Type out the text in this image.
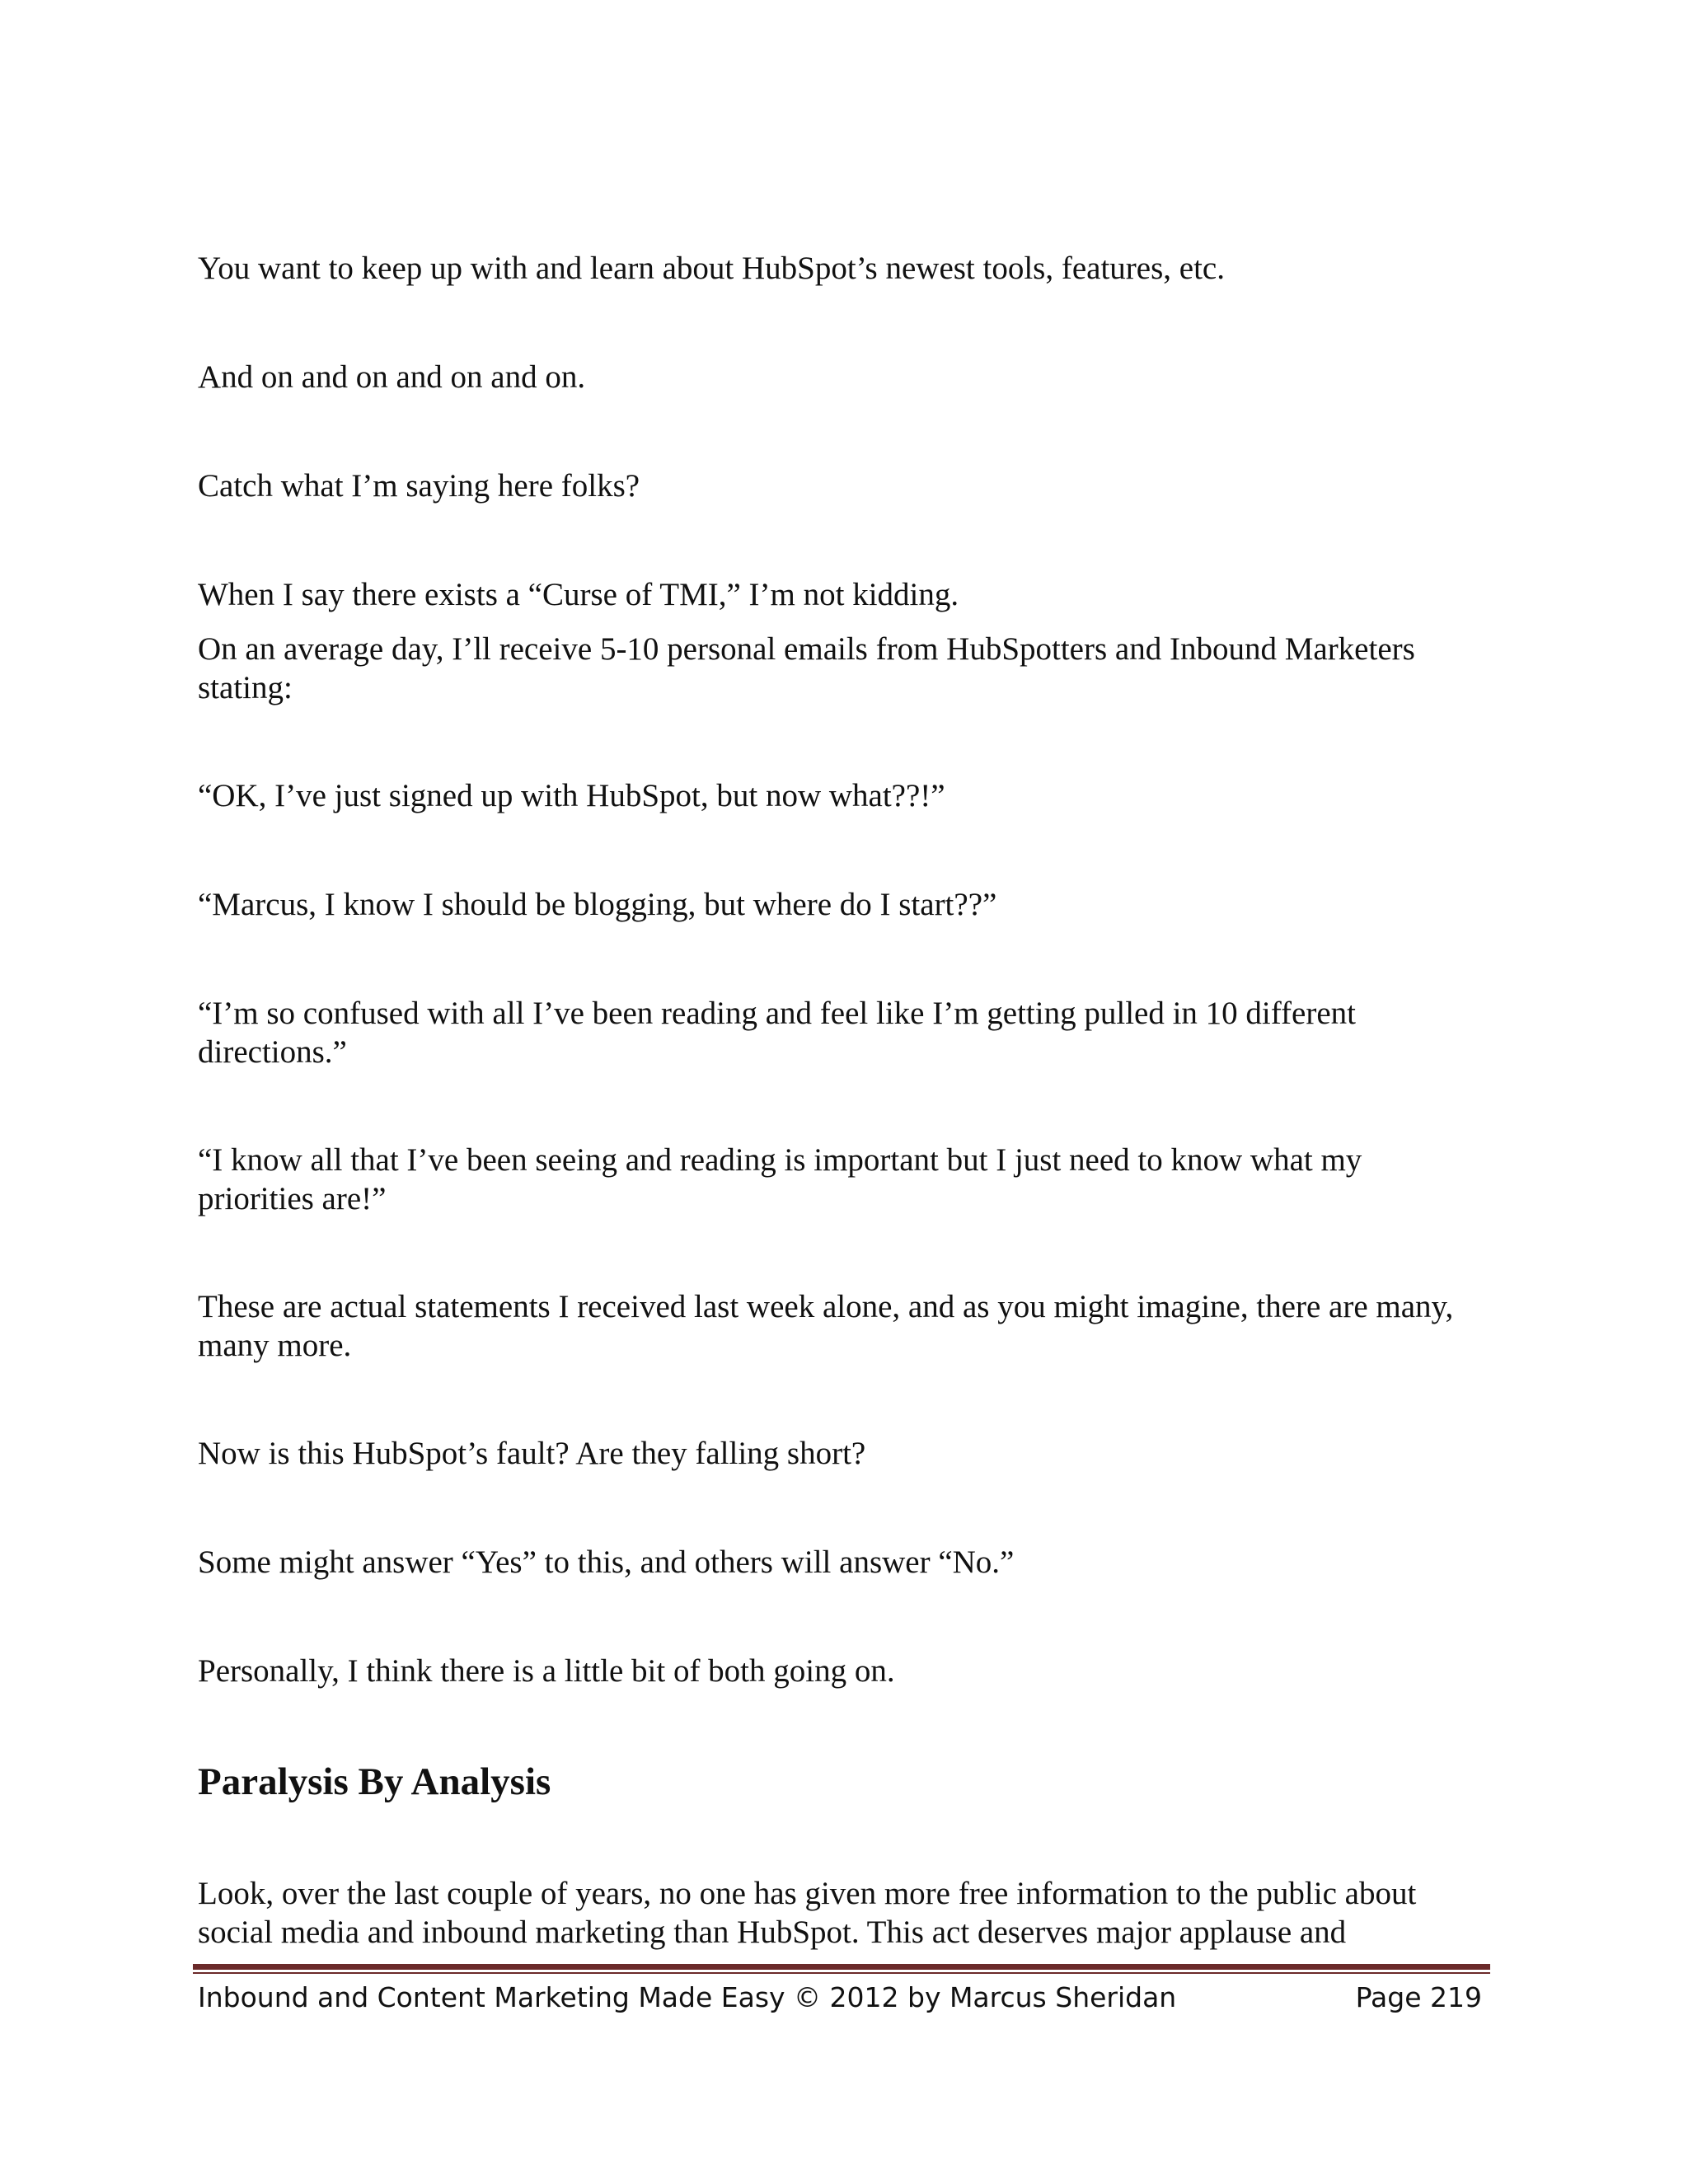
You want to keep up with and learn about HubSpot’s newest tools, features, etc.

And on and on and on and on.

Catch what I’m saying here folks?

When I say there exists a “Curse of TMI,” I’m not kidding.

On an average day, I’ll receive 5-10 personal emails from HubSpotters and Inbound Marketers stating:

“OK, I’ve just signed up with HubSpot, but now what??!”

“Marcus, I know I should be blogging, but where do I start??”

“I’m so confused with all I’ve been reading and feel like I’m getting pulled in 10 different directions.”

“I know all that I’ve been seeing and reading is important but I just need to know what my priorities are!”

These are actual statements I received last week alone, and as you might imagine, there are many, many more.

Now is this HubSpot’s fault? Are they falling short?

Some might answer “Yes” to this, and others will answer “No.”

Personally, I think there is a little bit of both going on.

Paralysis By Analysis

Look, over the last couple of years, no one has given more free information to the public about social media and inbound marketing than HubSpot. This act deserves major applause and

Inbound and Content Marketing Made Easy © 2012 by Marcus Sheridan	Page 219
